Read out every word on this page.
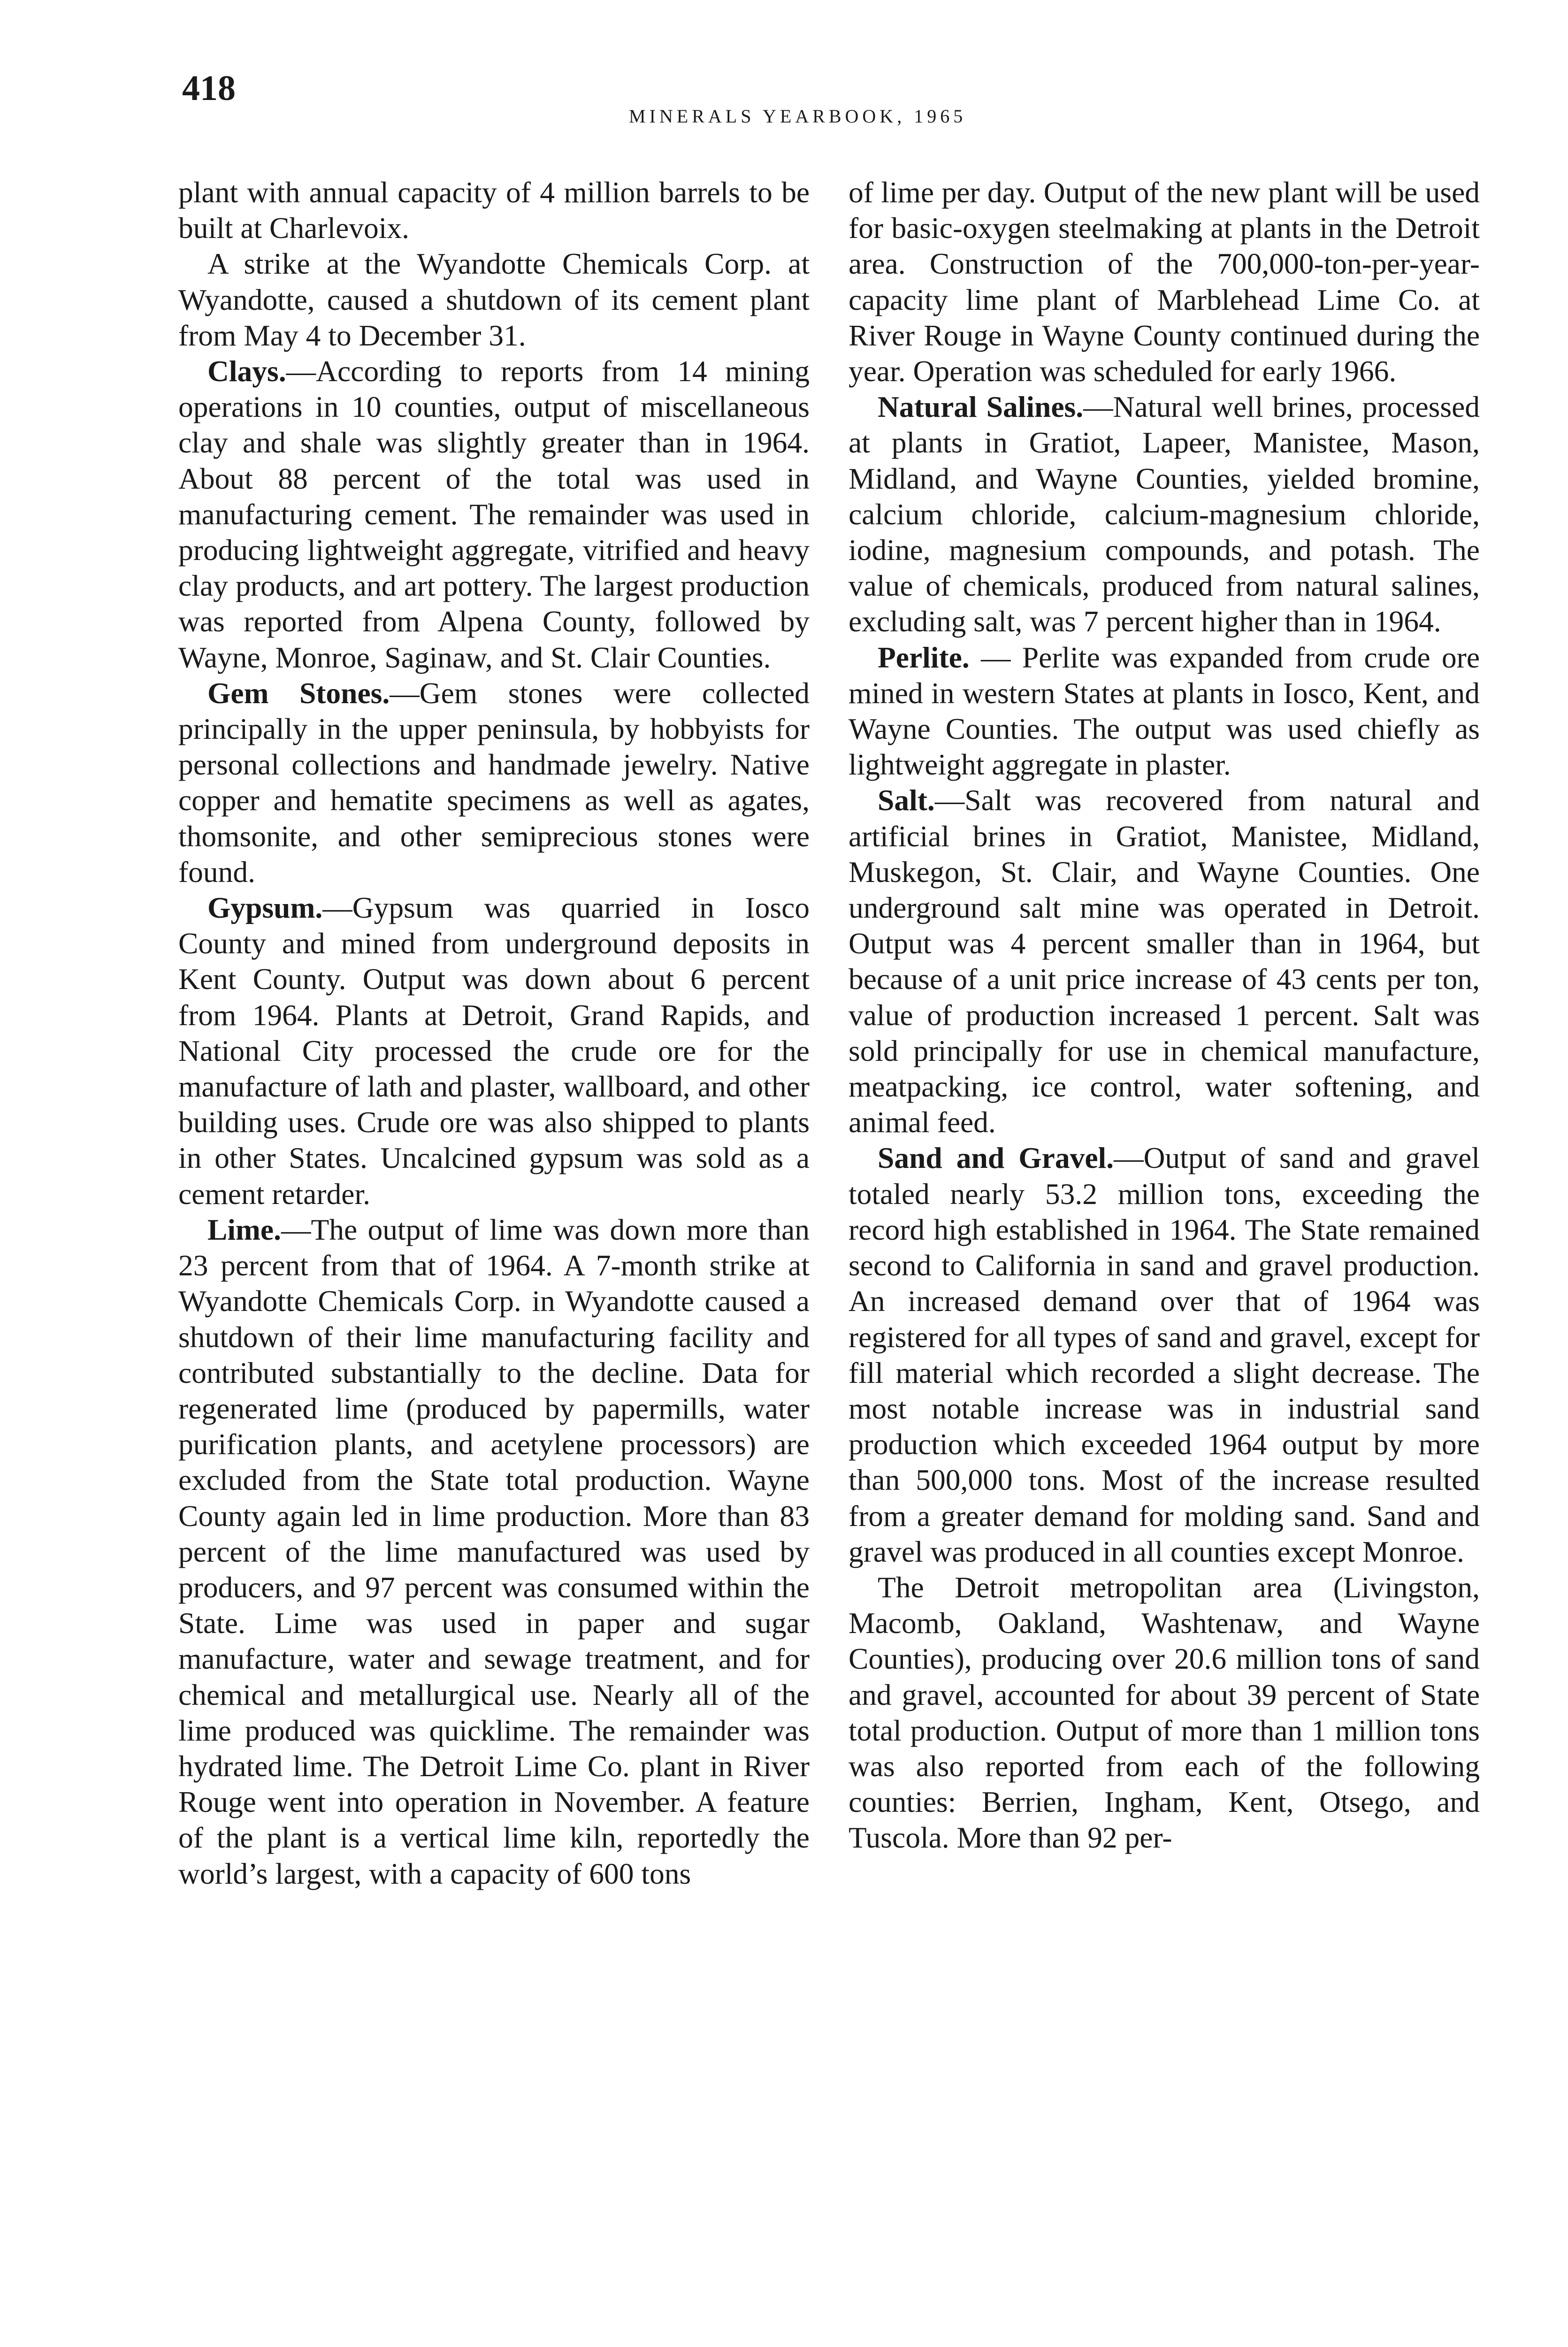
418
MINERALS YEARBOOK, 1965

plant with annual capacity of 4 million barrels to be built at Charlevoix.

A strike at the Wyandotte Chemicals Corp. at Wyandotte, caused a shutdown of its cement plant from May 4 to December 31.

Clays.—According to reports from 14 mining operations in 10 counties, output of miscellaneous clay and shale was slightly greater than in 1964. About 88 percent of the total was used in manufacturing cement. The remainder was used in producing lightweight aggregate, vitrified and heavy clay products, and art pottery. The largest production was reported from Alpena County, followed by Wayne, Monroe, Saginaw, and St. Clair Counties.

Gem Stones.—Gem stones were collected principally in the upper peninsula, by hobbyists for personal collections and handmade jewelry. Native copper and hematite specimens as well as agates, thomsonite, and other semiprecious stones were found.

Gypsum.—Gypsum was quarried in Iosco County and mined from underground deposits in Kent County. Output was down about 6 percent from 1964. Plants at Detroit, Grand Rapids, and National City processed the crude ore for the manufacture of lath and plaster, wallboard, and other building uses. Crude ore was also shipped to plants in other States. Uncalcined gypsum was sold as a cement retarder.

Lime.—The output of lime was down more than 23 percent from that of 1964. A 7-month strike at Wyandotte Chemicals Corp. in Wyandotte caused a shutdown of their lime manufacturing facility and contributed substantially to the decline. Data for regenerated lime (produced by papermills, water purification plants, and acetylene processors) are excluded from the State total production. Wayne County again led in lime production. More than 83 percent of the lime manufactured was used by producers, and 97 percent was consumed within the State. Lime was used in paper and sugar manufacture, water and sewage treatment, and for chemical and metallurgical use. Nearly all of the lime produced was quicklime. The remainder was hydrated lime. The Detroit Lime Co. plant in River Rouge went into operation in November. A feature of the plant is a vertical lime kiln, reportedly the world’s largest, with a capacity of 600 tons

of lime per day. Output of the new plant will be used for basic-oxygen steelmaking at plants in the Detroit area. Construction of the 700,000-ton-per-year-capacity lime plant of Marblehead Lime Co. at River Rouge in Wayne County continued during the year. Operation was scheduled for early 1966.

Natural Salines.—Natural well brines, processed at plants in Gratiot, Lapeer, Manistee, Mason, Midland, and Wayne Counties, yielded bromine, calcium chloride, calcium-magnesium chloride, iodine, magnesium compounds, and potash. The value of chemicals, produced from natural salines, excluding salt, was 7 percent higher than in 1964.

Perlite. — Perlite was expanded from crude ore mined in western States at plants in Iosco, Kent, and Wayne Counties. The output was used chiefly as lightweight aggregate in plaster.

Salt.—Salt was recovered from natural and artificial brines in Gratiot, Manistee, Midland, Muskegon, St. Clair, and Wayne Counties. One underground salt mine was operated in Detroit. Output was 4 percent smaller than in 1964, but because of a unit price increase of 43 cents per ton, value of production increased 1 percent. Salt was sold principally for use in chemical manufacture, meatpacking, ice control, water softening, and animal feed.

Sand and Gravel.—Output of sand and gravel totaled nearly 53.2 million tons, exceeding the record high established in 1964. The State remained second to California in sand and gravel production. An increased demand over that of 1964 was registered for all types of sand and gravel, except for fill material which recorded a slight decrease. The most notable increase was in industrial sand production which exceeded 1964 output by more than 500,000 tons. Most of the increase resulted from a greater demand for molding sand. Sand and gravel was produced in all counties except Monroe.

The Detroit metropolitan area (Livingston, Macomb, Oakland, Washtenaw, and Wayne Counties), producing over 20.6 million tons of sand and gravel, accounted for about 39 percent of State total production. Output of more than 1 million tons was also reported from each of the following counties: Berrien, Ingham, Kent, Otsego, and Tuscola. More than 92 per-
